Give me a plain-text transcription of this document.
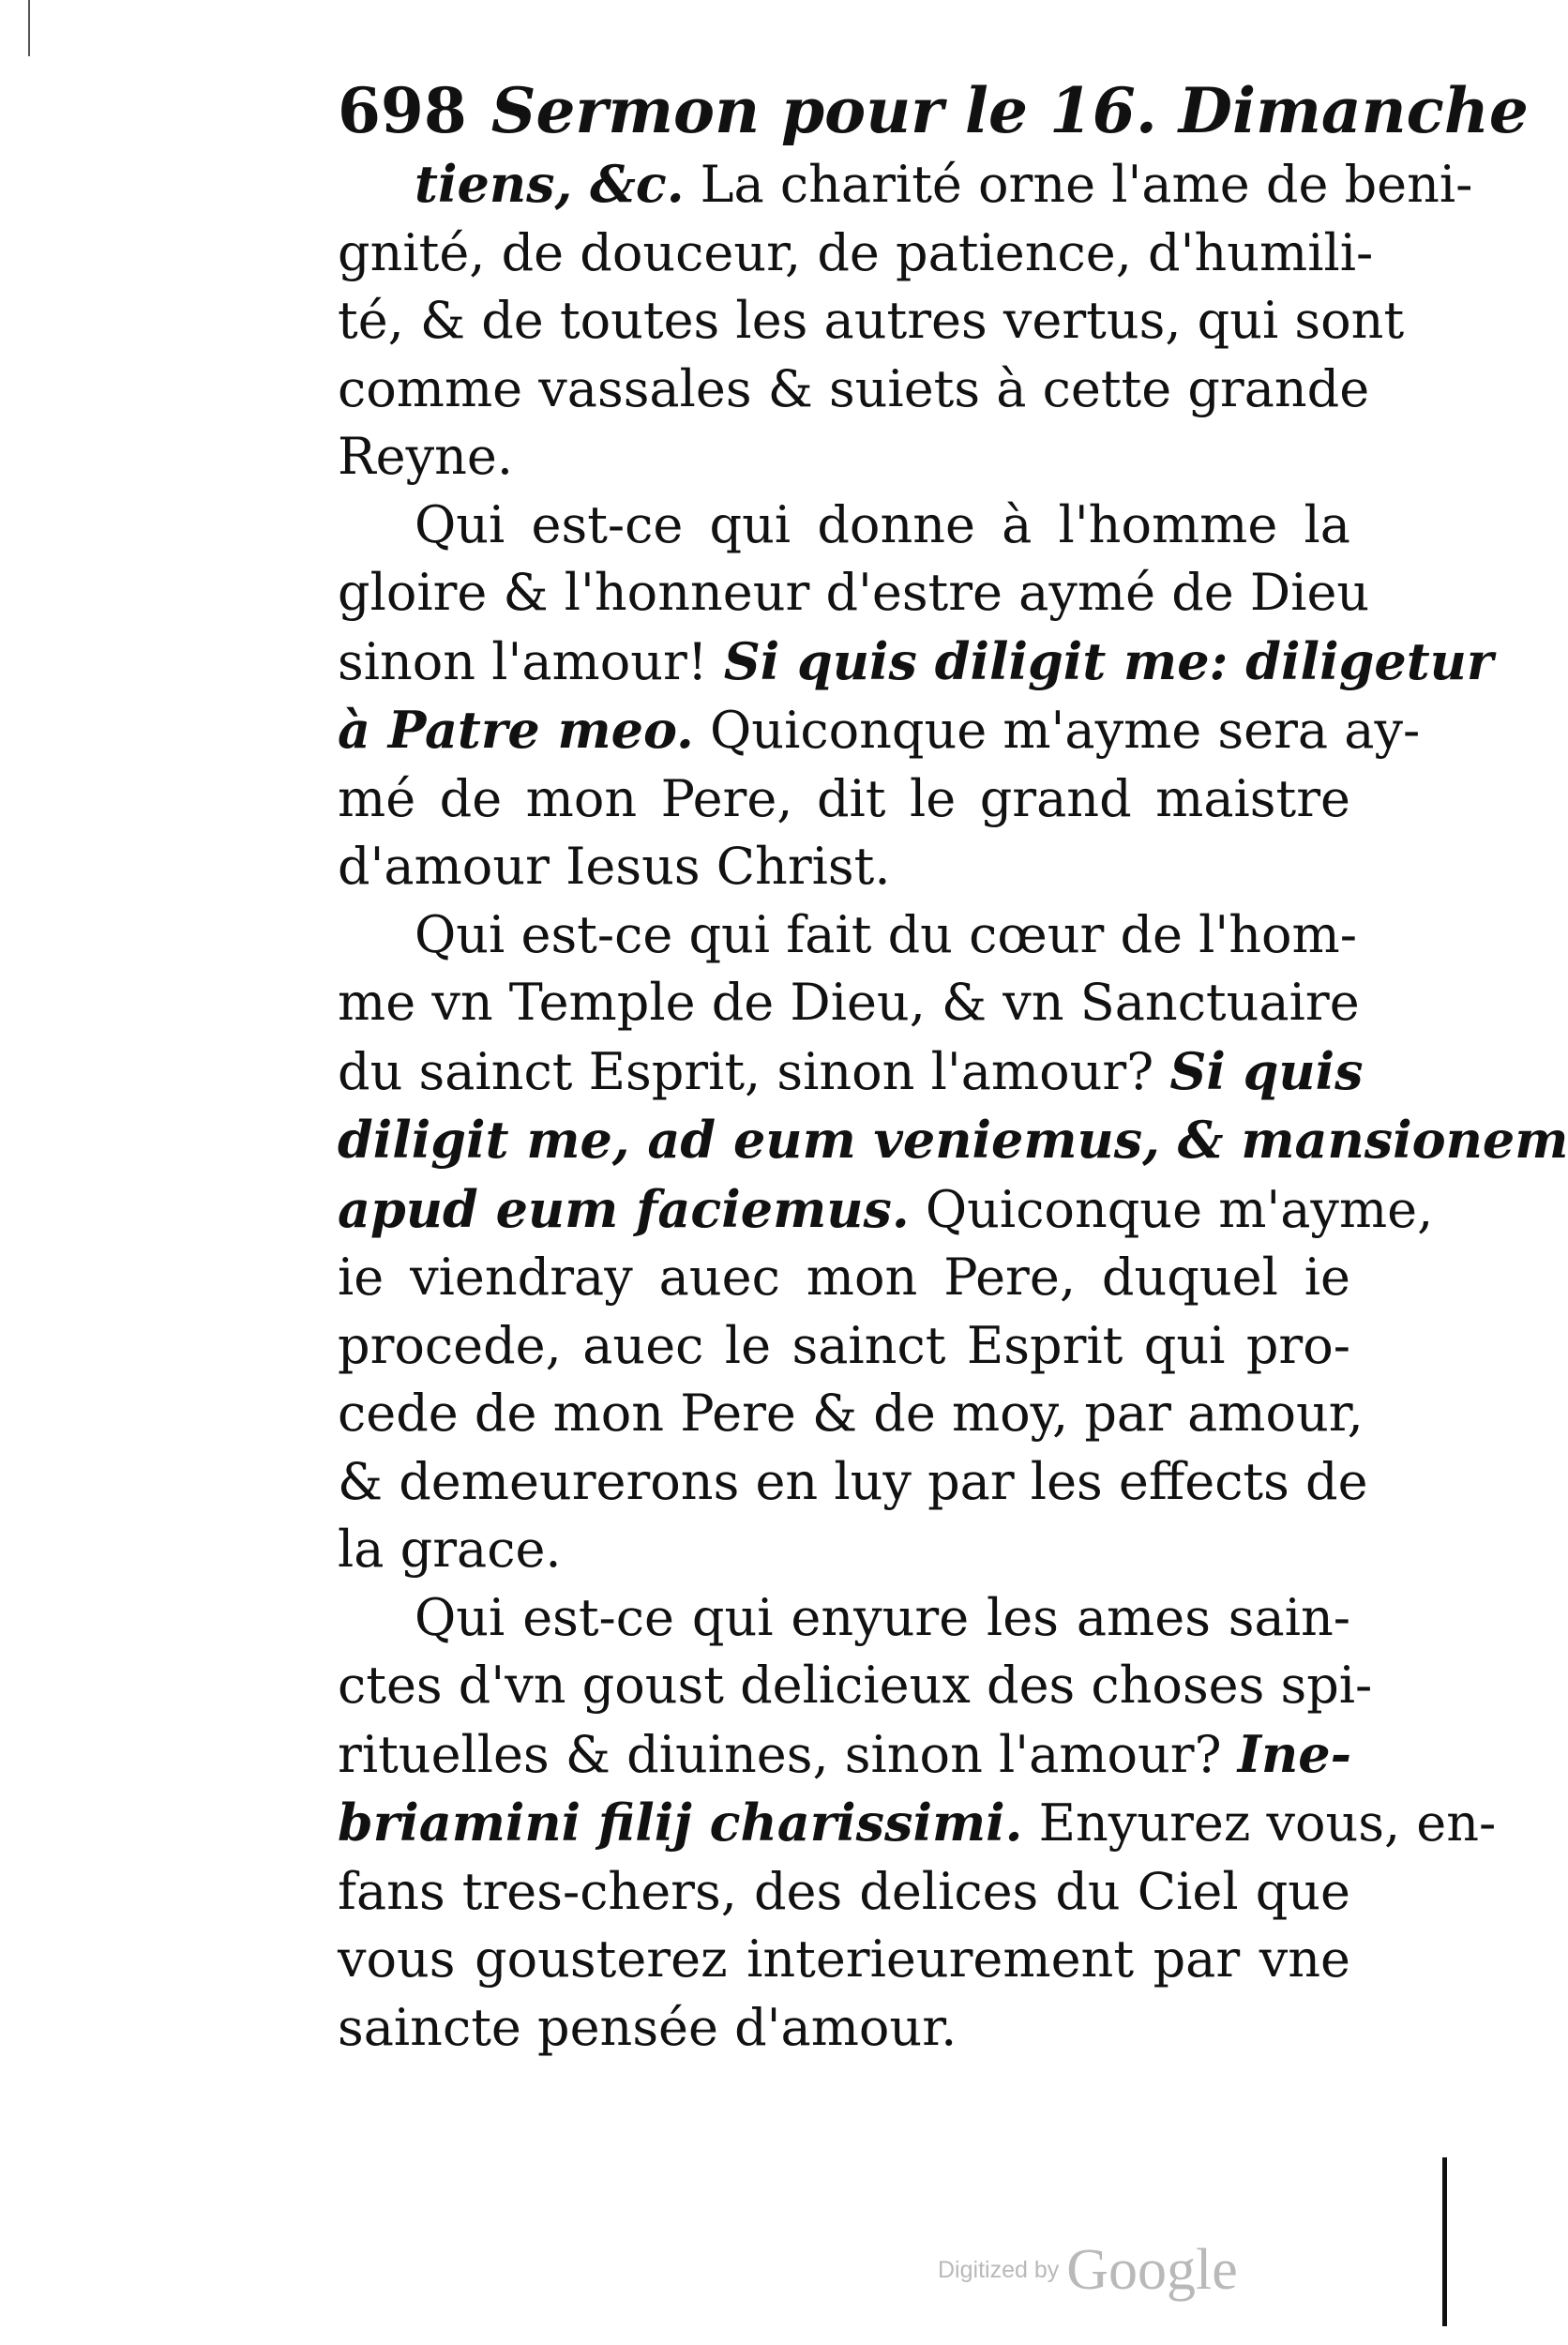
698 Sermon pour le 16. Dimanche
tiens, &c. La charité orne l'ame de beni-
gnité, de douceur, de patience, d'humili-
té, & de toutes les autres vertus, qui sont
comme vassales & suiets à cette grande
Reyne.
Qui est-ce qui donne à l'homme la
gloire & l'honneur d'estre aymé de Dieu
sinon l'amour! Si quis diligit me: diligetur
à Patre meo. Quiconque m'ayme sera ay-
mé de mon Pere, dit le grand maistre
d'amour Iesus Christ.
Qui est-ce qui fait du cœur de l'hom-
me vn Temple de Dieu, & vn Sanctuaire
du sainct Esprit, sinon l'amour? Si quis
diligit me, ad eum veniemus, & mansionem
apud eum faciemus. Quiconque m'ayme,
ie viendray auec mon Pere, duquel ie
procede, auec le sainct Esprit qui pro-
cede de mon Pere & de moy, par amour,
& demeurerons en luy par les effects de
la grace.
Qui est-ce qui enyure les ames sain-
ctes d'vn goust delicieux des choses spi-
rituelles & diuines, sinon l'amour? Ine-
briamini filij charissimi. Enyurez vous, en-
fans tres-chers, des delices du Ciel que
vous gousterez interieurement par vne
saincte pensée d'amour.
Digitized by Google
